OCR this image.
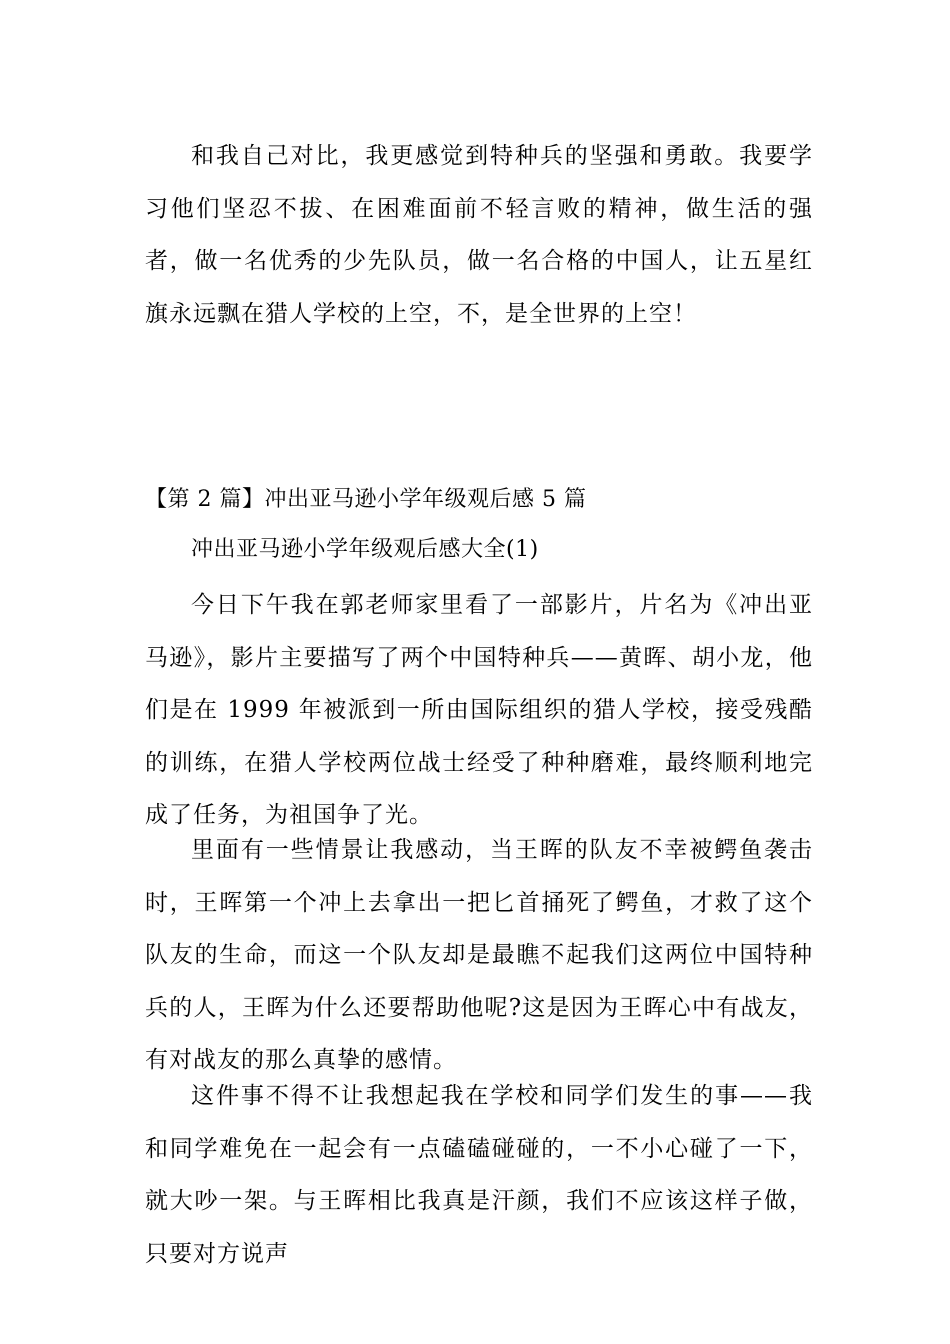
和我自己对比，我更感觉到特种兵的坚强和勇敢。我要学习他们坚忍不拔、在困难面前不轻言败的精神，做生活的强者，做一名优秀的少先队员，做一名合格的中国人，让五星红旗永远飘在猎人学校的上空，不，是全世界的上空！

【第 2 篇】冲出亚马逊小学年级观后感 5 篇

冲出亚马逊小学年级观后感大全(1)

今日下午我在郭老师家里看了一部影片，片名为《冲出亚马逊》，影片主要描写了两个中国特种兵——黄晖、胡小龙，他们是在 1999 年被派到一所由国际组织的猎人学校，接受残酷的训练，在猎人学校两位战士经受了种种磨难，最终顺利地完成了任务，为祖国争了光。

里面有一些情景让我感动，当王晖的队友不幸被鳄鱼袭击时，王晖第一个冲上去拿出一把匕首捅死了鳄鱼，才救了这个队友的生命，而这一个队友却是最瞧不起我们这两位中国特种兵的人，王晖为什么还要帮助他呢?这是因为王晖心中有战友，有对战友的那么真挚的感情。

这件事不得不让我想起我在学校和同学们发生的事——我和同学难免在一起会有一点磕磕碰碰的，一不小心碰了一下，就大吵一架。与王晖相比我真是汗颜，我们不应该这样子做，只要对方说声
